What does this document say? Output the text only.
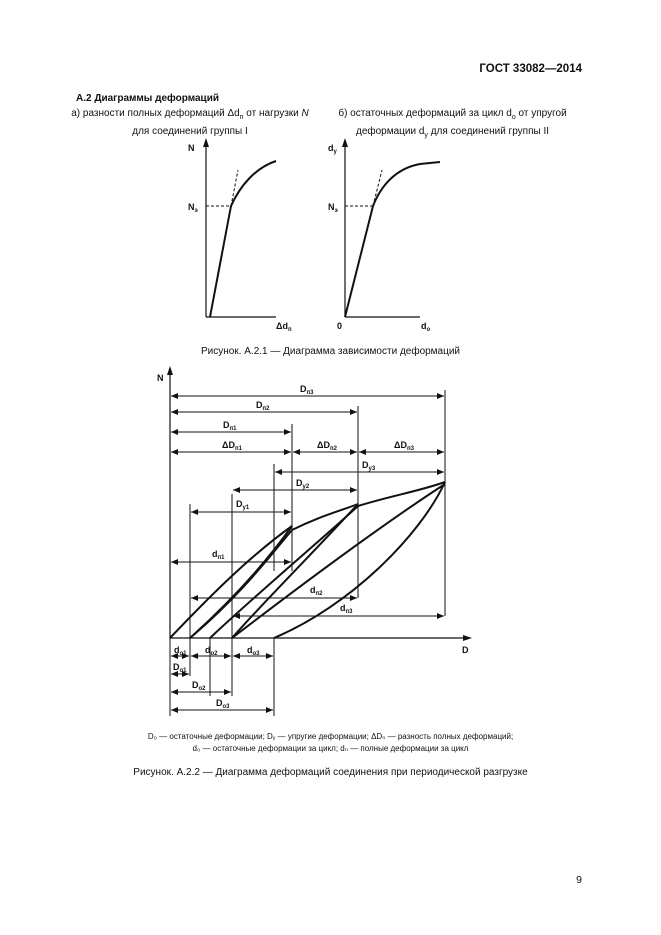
ГОСТ 33082—2014
А.2 Диаграммы деформаций
а) разности полных деформаций $\Delta d_п$ от нагрузки N
для соединений группы I
б) остаточных деформаций за цикл $d_о$ от упругой
деформации $d_у$ для соединений группы II
N
$N_э$
$\Delta d_п$
$d_у$
$N_э$
0	$d_о$
Рисунок. А.2.1 — Диаграмма зависимости деформаций
N
D
$D_{п3}$
$D_{п2}$
$D_{п1}$
$\Delta D_{п1}$	$\Delta D_{п2}$	$\Delta D_{п3}$
$D_{у3}$
$D_{у2}$
$D_{у1}$
$d_{п1}$
$d_{п2}$
$d_{п3}$
$d_{о1}$ $d_{о2}$	$d_{о3}$
$D_{о1}$
$D_{о2}$
$D_{о3}$
D₀ — остаточные деформации; Dᵧ — упругие деформации; ΔDₙ — разность полных деформаций;
d₀ — остаточные деформации за цикл; dₙ — полные деформации за цикл
Рисунок. А.2.2 — Диаграмма деформаций соединения при периодической разгрузке
9
